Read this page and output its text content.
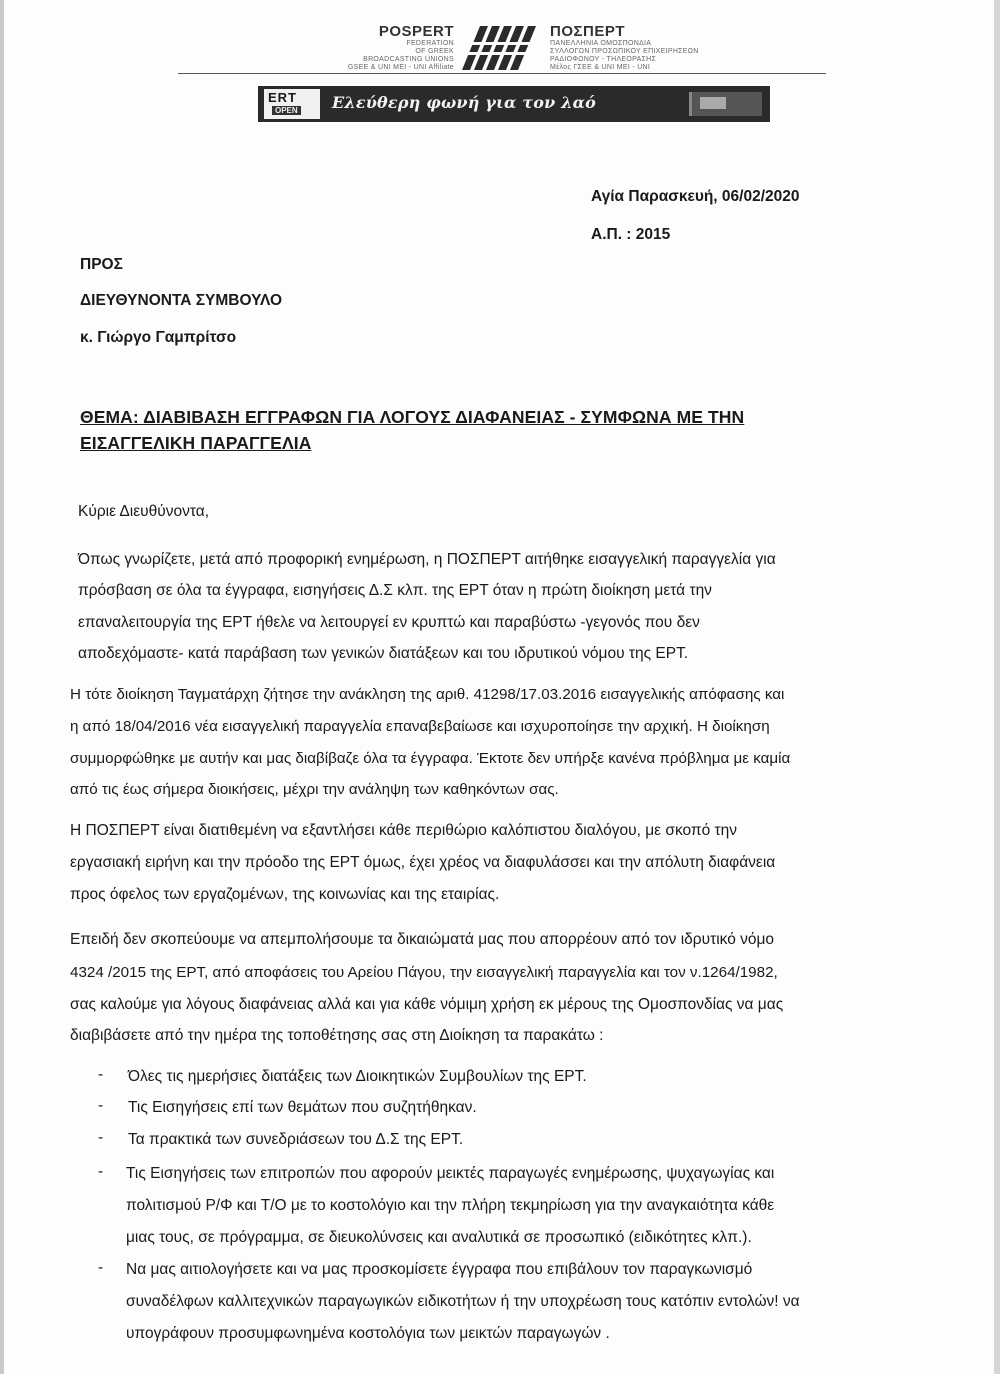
POSPERT
FEDERATION
OF GREEK
BROADCASTING UNIONS
GSEE & UNI MEI - UNI Affiliate
ΠΟΣΠΕΡΤ
ΠΑΝΕΛΛΗΝΙΑ ΟΜΟΣΠΟΝΔΙΑ
ΣΥΛΛΟΓΩΝ ΠΡΟΣΩΠΙΚΟΥ ΕΠΙΧΕΙΡΗΣΕΩΝ
ΡΑΔΙΟΦΩΝΟΥ - ΤΗΛΕΟΡΑΣΗΣ
Μέλος ΓΣΕΕ & UNI MEI - UNI
ERT
OPEN Ελεύθερη φωνή για τον λαό
Αγία Παρασκευή, 06/02/2020
Α.Π. : 2015
ΠΡΟΣ
ΔΙΕΥΘΥΝΟΝΤΑ ΣΥΜΒΟΥΛΟ
κ. Γιώργο Γαμπρίτσο
ΘΕΜΑ: ΔΙΑΒΙΒΑΣΗ ΕΓΓΡΑΦΩΝ ΓΙΑ ΛΟΓΟΥΣ ΔΙΑΦΑΝΕΙΑΣ - ΣΥΜΦΩΝΑ ΜΕ ΤΗΝ
ΕΙΣΑΓΓΕΛΙΚΗ ΠΑΡΑΓΓΕΛΙΑ
Κύριε Διευθύνοντα,
Όπως γνωρίζετε, μετά από προφορική ενημέρωση, η ΠΟΣΠΕΡΤ αιτήθηκε εισαγγελική παραγγελία για
πρόσβαση σε όλα τα έγγραφα, εισηγήσεις Δ.Σ κλπ. της ΕΡΤ όταν η πρώτη διοίκηση μετά την
επαναλειτουργία της ΕΡΤ ήθελε να λειτουργεί εν κρυπτώ και παραβύστω -γεγονός που δεν
αποδεχόμαστε- κατά παράβαση των γενικών διατάξεων και του ιδρυτικού νόμου της ΕΡΤ.
Η τότε διοίκηση Ταγματάρχη ζήτησε την ανάκληση της αριθ. 41298/17.03.2016 εισαγγελικής απόφασης και
η από 18/04/2016 νέα εισαγγελική παραγγελία επαναβεβαίωσε και ισχυροποίησε την αρχική. Η διοίκηση
συμμορφώθηκε με αυτήν και μας διαβίβαζε όλα τα έγγραφα. Έκτοτε δεν υπήρξε κανένα πρόβλημα με καμία
από τις έως σήμερα διοικήσεις, μέχρι την ανάληψη των καθηκόντων σας.
Η ΠΟΣΠΕΡΤ είναι διατιθεμένη να εξαντλήσει κάθε περιθώριο καλόπιστου διαλόγου, με σκοπό την
εργασιακή ειρήνη και την πρόοδο της ΕΡΤ όμως, έχει χρέος να διαφυλάσσει και την απόλυτη διαφάνεια
προς όφελος των εργαζομένων, της κοινωνίας και της εταιρίας.
Επειδή δεν σκοπεύουμε να απεμπολήσουμε τα δικαιώματά μας που απορρέουν από τον ιδρυτικό νόμο
4324 /2015 της ΕΡΤ, από αποφάσεις του Αρείου Πάγου, την εισαγγελική παραγγελία και τον ν.1264/1982,
σας καλούμε για λόγους διαφάνειας αλλά και για κάθε νόμιμη χρήση εκ μέρους της Ομοσπονδίας να μας
διαβιβάσετε από την ημέρα της τοποθέτησης σας στη Διοίκηση τα παρακάτω :
- Όλες τις ημερήσιες διατάξεις των Διοικητικών Συμβουλίων της ΕΡΤ.
- Τις Εισηγήσεις επί των θεμάτων που συζητήθηκαν.
- Τα πρακτικά των συνεδριάσεων του Δ.Σ της ΕΡΤ.
- Τις Εισηγήσεις των επιτροπών που αφορούν μεικτές παραγωγές ενημέρωσης, ψυχαγωγίας και
πολιτισμού Ρ/Φ και Τ/Ο με το κοστολόγιο και την πλήρη τεκμηρίωση για την αναγκαιότητα κάθε
μιας τους, σε πρόγραμμα, σε διευκολύνσεις και αναλυτικά σε προσωπικό (ειδικότητες κλπ.).
- Να μας αιτιολογήσετε και να μας προσκομίσετε έγγραφα που επιβάλουν τον παραγκωνισμό
συναδέλφων καλλιτεχνικών παραγωγικών ειδικοτήτων ή την υποχρέωση τους κατόπιν εντολών! να
υπογράφουν προσυμφωνημένα κοστολόγια των μεικτών παραγωγών .
